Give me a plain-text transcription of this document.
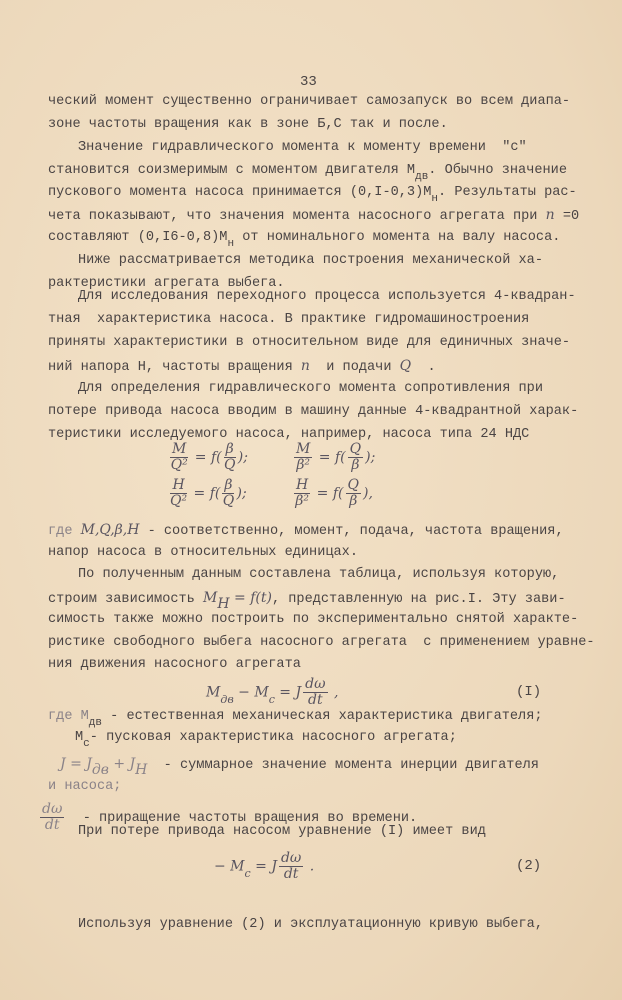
33
ческий момент существенно ограничивает самозапуск во всем диапа-
зоне частоты вращения как в зоне Б,С так и после.
Значение гидравлического момента к моменту времени  "с"
становится соизмеримым с моментом двигателя $М_{дв}$. Обычно значение
пускового момента насоса принимается $(0,I-0,3)М_н$. Результаты рас-
чета показывают, что значения момента насосного агрегата при n =0
составляют $(0,I6-0,8)М_н$ от номинального момента на валу насоса.
Ниже рассматривается методика построения механической ха-
рактеристики агрегата выбега.
Для исследования переходного процесса используется 4-квадран-
тная  характеристика насоса. В практике гидромашиностроения
приняты характеристики в относительном виде для единичных значе-
ний напора Н, частоты вращения n  и подачи Q  .
Для определения гидравлического момента сопротивления при
потере привода насоса вводим в машину данные 4-квадрантной харак-
теристики исследуемого насоса, например, насоса типа 24 НДС
$\frac{M}{\text{Q²}} = f( \frac{\beta}{Q}$ );	$\frac{M}{\text{β²}} = f( \frac{Q}{\beta}$ );
$\frac{H}{\text{Q²}} = f( \frac{\beta}{Q}$ );	$\frac{H}{\text{β²}} = f( \frac{Q}{\beta}$ ),
где M,Q,β,H - соответственно, момент, подача, частота вращения,
напор насоса в относительных единицах.
По полученным данным составлена таблица, используя которую,
строим зависимость MH = f(t), представленную на рис.I. Эту зави-
симость также можно построить по экспериментально снятой характе-
ристике свободного выбега насосного агрегата  с применением уравне-
ния движения насосного агрегата
$M_{дв} - M_c = J \frac{d\omega}{dt}$ ,	(I)
где $М_{дв}$ - естественная механическая характеристика двигателя;
$М_с-$ пусковая характеристика насосного агрегата;
J = Jдв + JH  - суммарное значение момента инерции двигателя
и насоса;
$\frac{d\omega}{dt}$ - приращение частоты вращения во времени.
При потере привода насосом уравнение (I) имеет вид
− $M_c = J \frac{d\omega}{dt}$ .	(2)
Используя уравнение (2) и эксплуатационную кривую выбега,
